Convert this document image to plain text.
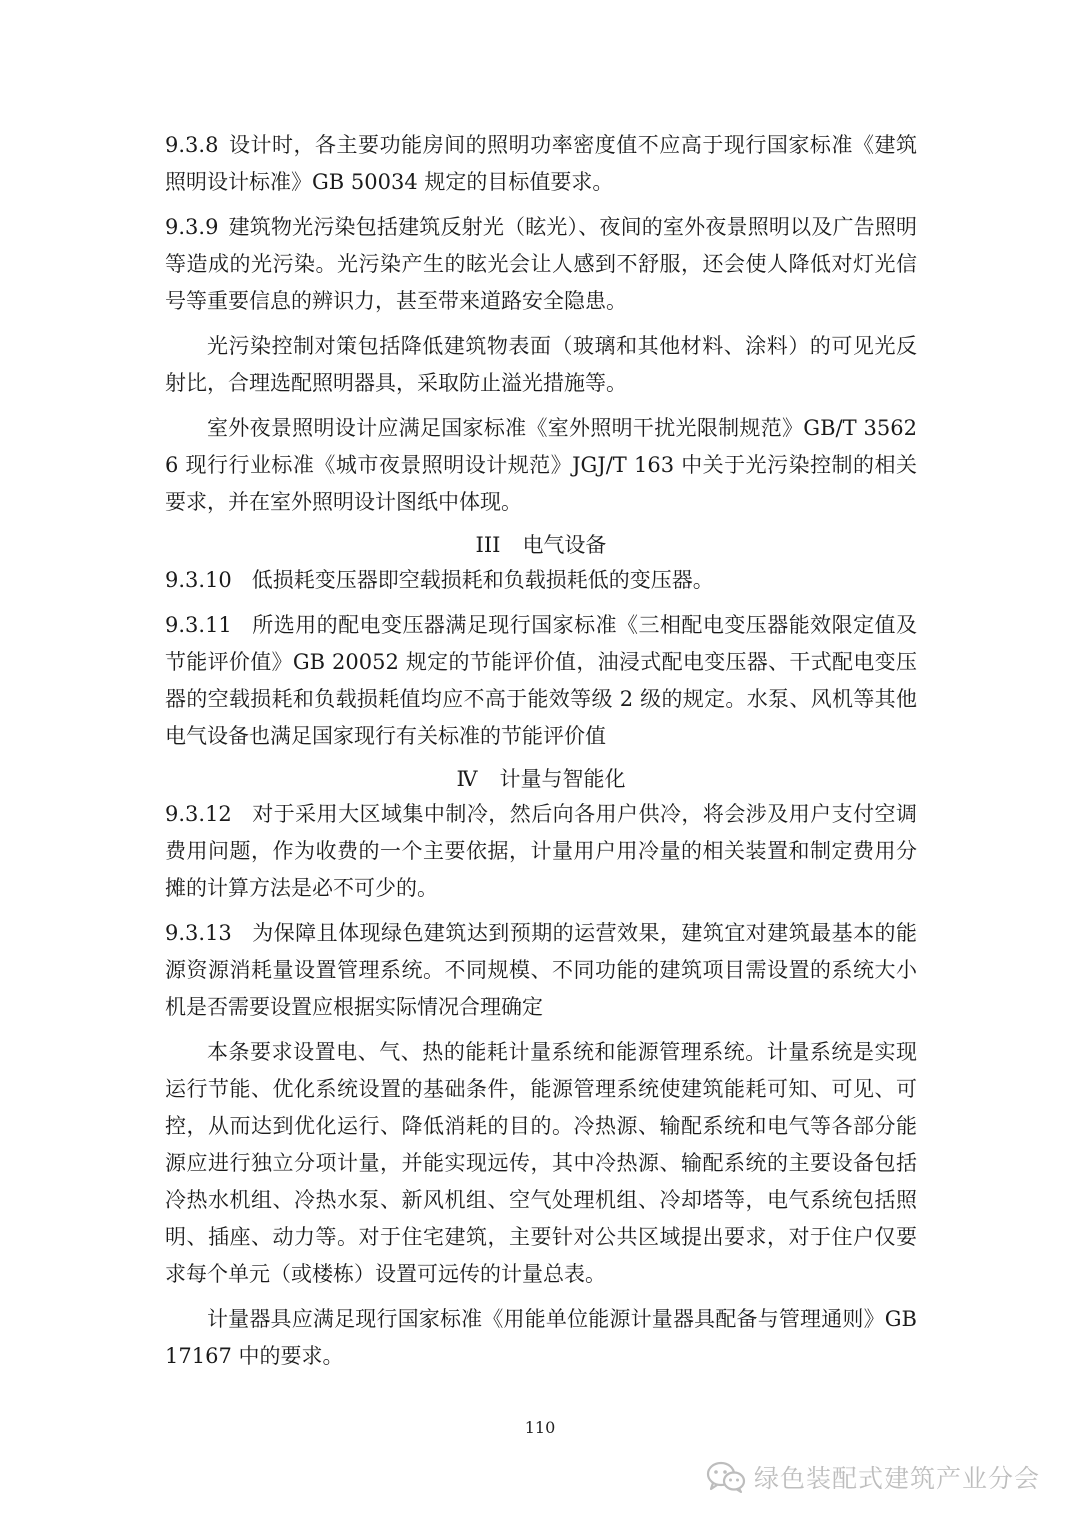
9.3.8 设计时，各主要功能房间的照明功率密度值不应高于现行国家标准《建筑照明设计标准》GB 50034 规定的目标值要求。

9.3.9 建筑物光污染包括建筑反射光（眩光）、夜间的室外夜景照明以及广告照明等造成的光污染。光污染产生的眩光会让人感到不舒服，还会使人降低对灯光信号等重要信息的辨识力，甚至带来道路安全隐患。

光污染控制对策包括降低建筑物表面（玻璃和其他材料、涂料）的可见光反射比，合理选配照明器具，采取防止溢光措施等。

室外夜景照明设计应满足国家标准《室外照明干扰光限制规范》GB/T 35626 现行行业标准《城市夜景照明设计规范》JGJ/T 163 中关于光污染控制的相关要求，并在室外照明设计图纸中体现。

III 电气设备

9.3.10 低损耗变压器即空载损耗和负载损耗低的变压器。

9.3.11 所选用的配电变压器满足现行国家标准《三相配电变压器能效限定值及节能评价值》GB 20052 规定的节能评价值，油浸式配电变压器、干式配电变压器的空载损耗和负载损耗值均应不高于能效等级 2 级的规定。水泵、风机等其他电气设备也满足国家现行有关标准的节能评价值

Ⅳ 计量与智能化

9.3.12 对于采用大区域集中制冷，然后向各用户供冷，将会涉及用户支付空调费用问题，作为收费的一个主要依据，计量用户用冷量的相关装置和制定费用分摊的计算方法是必不可少的。

9.3.13 为保障且体现绿色建筑达到预期的运营效果，建筑宜对建筑最基本的能源资源消耗量设置管理系统。不同规模、不同功能的建筑项目需设置的系统大小机是否需要设置应根据实际情况合理确定

本条要求设置电、气、热的能耗计量系统和能源管理系统。计量系统是实现运行节能、优化系统设置的基础条件，能源管理系统使建筑能耗可知、可见、可控，从而达到优化运行、降低消耗的目的。冷热源、输配系统和电气等各部分能源应进行独立分项计量，并能实现远传，其中冷热源、输配系统的主要设备包括冷热水机组、冷热水泵、新风机组、空气处理机组、冷却塔等，电气系统包括照明、插座、动力等。对于住宅建筑，主要针对公共区域提出要求，对于住户仅要求每个单元（或楼栋）设置可远传的计量总表。

计量器具应满足现行国家标准《用能单位能源计量器具配备与管理通则》GB 17167 中的要求。

110
绿色装配式建筑产业分会
